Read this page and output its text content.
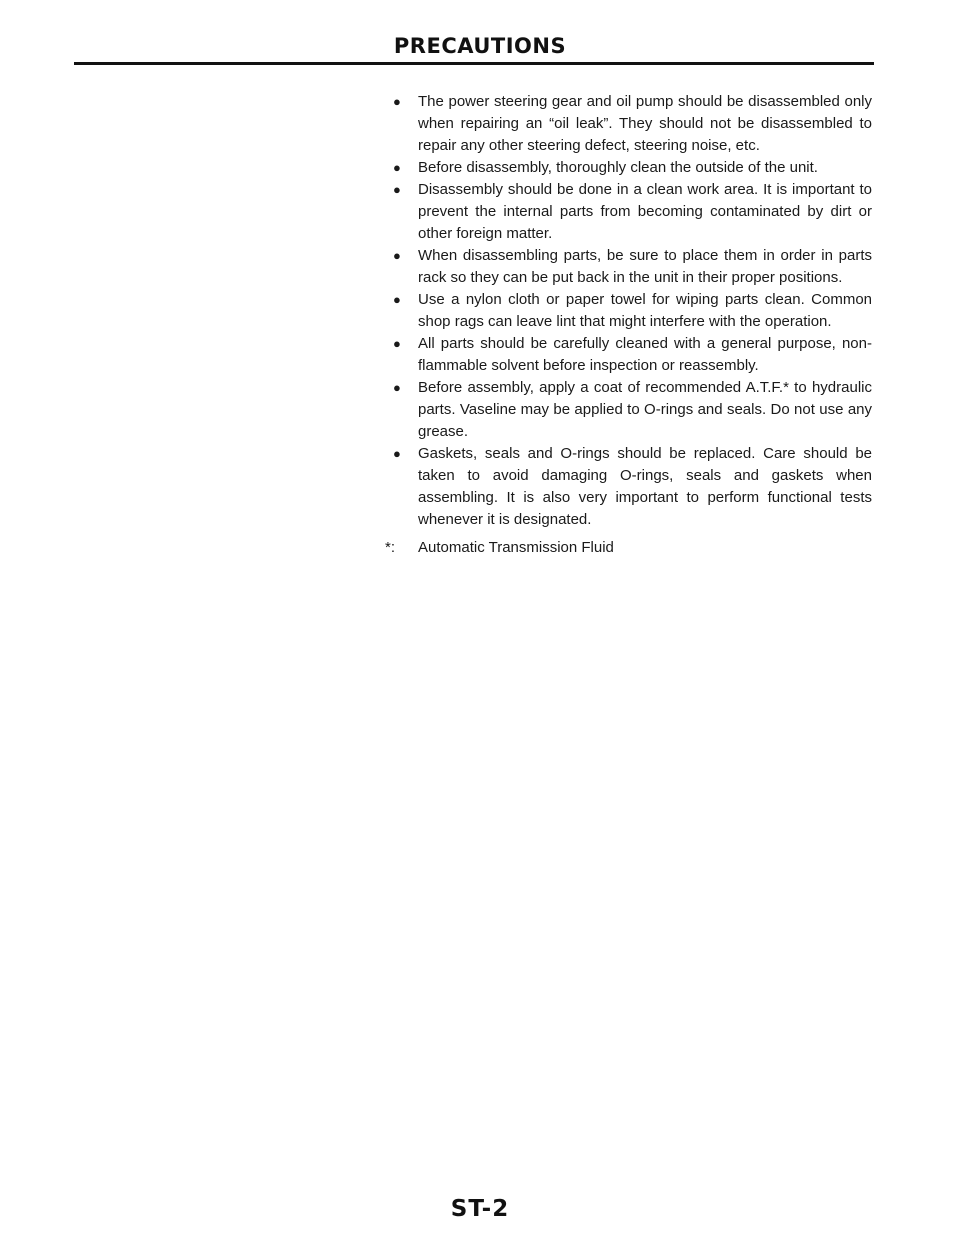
PRECAUTIONS
● The power steering gear and oil pump should be disassembled only when repairing an “oil leak”. They should not be disassembled to repair any other steering defect, steering noise, etc.
● Before disassembly, thoroughly clean the outside of the unit.
● Disassembly should be done in a clean work area. It is important to prevent the internal parts from becoming contaminated by dirt or other foreign matter.
● When disassembling parts, be sure to place them in order in parts rack so they can be put back in the unit in their proper positions.
● Use a nylon cloth or paper towel for wiping parts clean. Common shop rags can leave lint that might interfere with the operation.
● All parts should be carefully cleaned with a general purpose, non-flammable solvent before inspection or reassembly.
● Before assembly, apply a coat of recommended A.T.F.* to hydraulic parts. Vaseline may be applied to O-rings and seals. Do not use any grease.
● Gaskets, seals and O-rings should be replaced. Care should be taken to avoid damaging O-rings, seals and gaskets when assembling. It is also very important to perform functional tests whenever it is designated.
*: Automatic Transmission Fluid
ST-2
